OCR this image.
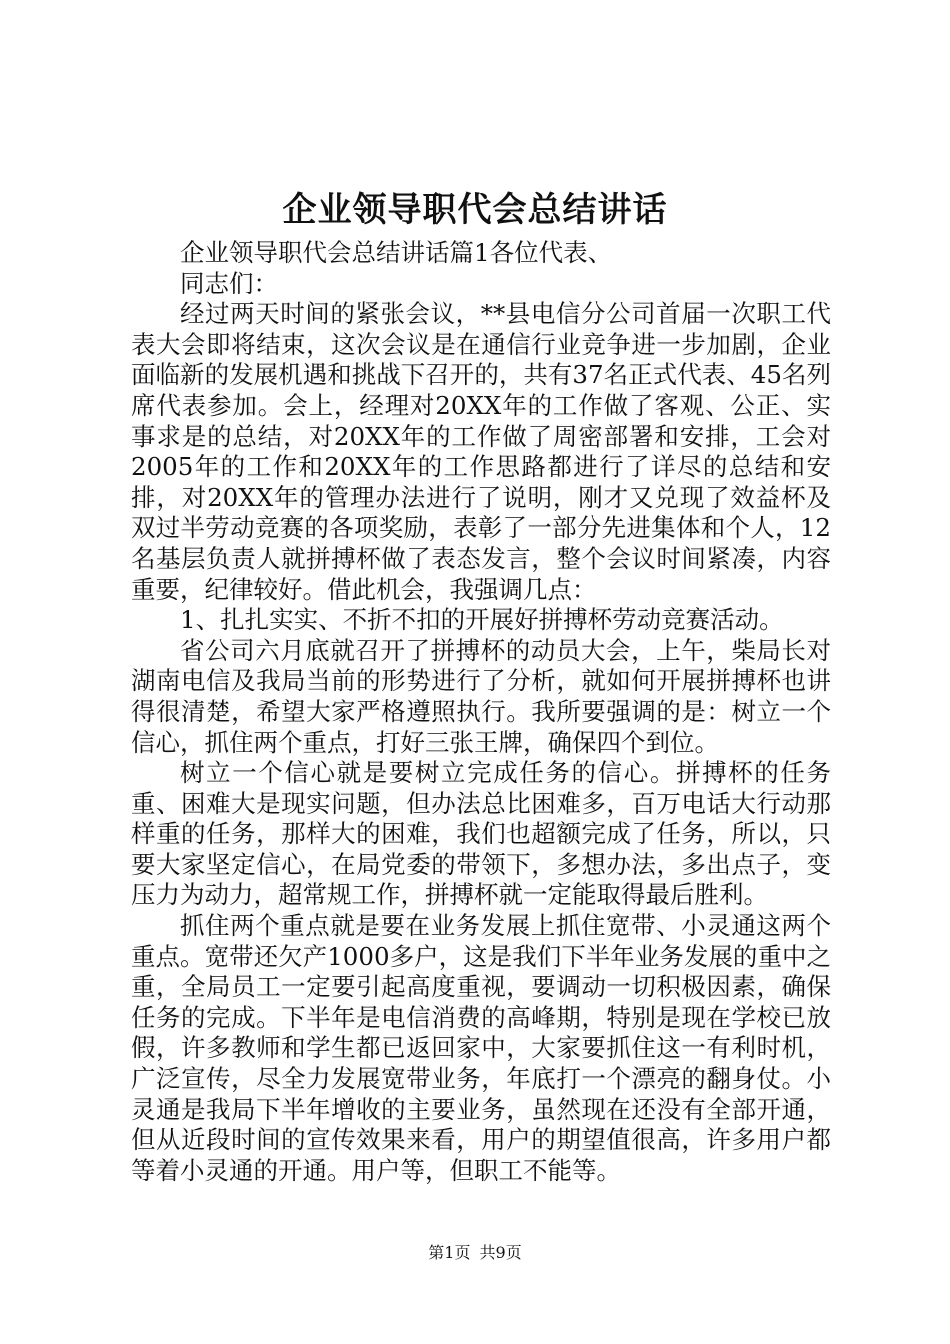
企业领导职代会总结讲话

企业领导职代会总结讲话篇1各位代表、

同志们：

经过两天时间的紧张会议，**县电信分公司首届一次职工代表大会即将结束，这次会议是在通信行业竞争进一步加剧，企业面临新的发展机遇和挑战下召开的，共有37名正式代表、45名列席代表参加。会上，经理对20XX年的工作做了客观、公正、实事求是的总结，对20XX年的工作做了周密部署和安排，工会对2005年的工作和20XX年的工作思路都进行了详尽的总结和安排，对20XX年的管理办法进行了说明，刚才又兑现了效益杯及双过半劳动竞赛的各项奖励，表彰了一部分先进集体和个人，12名基层负责人就拼搏杯做了表态发言，整个会议时间紧凑，内容重要，纪律较好。借此机会，我强调几点：

1、扎扎实实、不折不扣的开展好拼搏杯劳动竞赛活动。

省公司六月底就召开了拼搏杯的动员大会，上午，柴局长对湖南电信及我局当前的形势进行了分析，就如何开展拼搏杯也讲得很清楚，希望大家严格遵照执行。我所要强调的是：树立一个信心，抓住两个重点，打好三张王牌，确保四个到位。

树立一个信心就是要树立完成任务的信心。拼搏杯的任务重、困难大是现实问题，但办法总比困难多，百万电话大行动那样重的任务，那样大的困难，我们也超额完成了任务，所以，只要大家坚定信心，在局党委的带领下，多想办法，多出点子，变压力为动力，超常规工作，拼搏杯就一定能取得最后胜利。

抓住两个重点就是要在业务发展上抓住宽带、小灵通这两个重点。宽带还欠产1000多户，这是我们下半年业务发展的重中之重，全局员工一定要引起高度重视，要调动一切积极因素，确保任务的完成。下半年是电信消费的高峰期，特别是现在学校已放假，许多教师和学生都已返回家中，大家要抓住这一有利时机，广泛宣传，尽全力发展宽带业务，年底打一个漂亮的翻身仗。小灵通是我局下半年增收的主要业务，虽然现在还没有全部开通，但从近段时间的宣传效果来看，用户的期望值很高，许多用户都等着小灵通的开通。用户等，但职工不能等。

第1页 共9页
